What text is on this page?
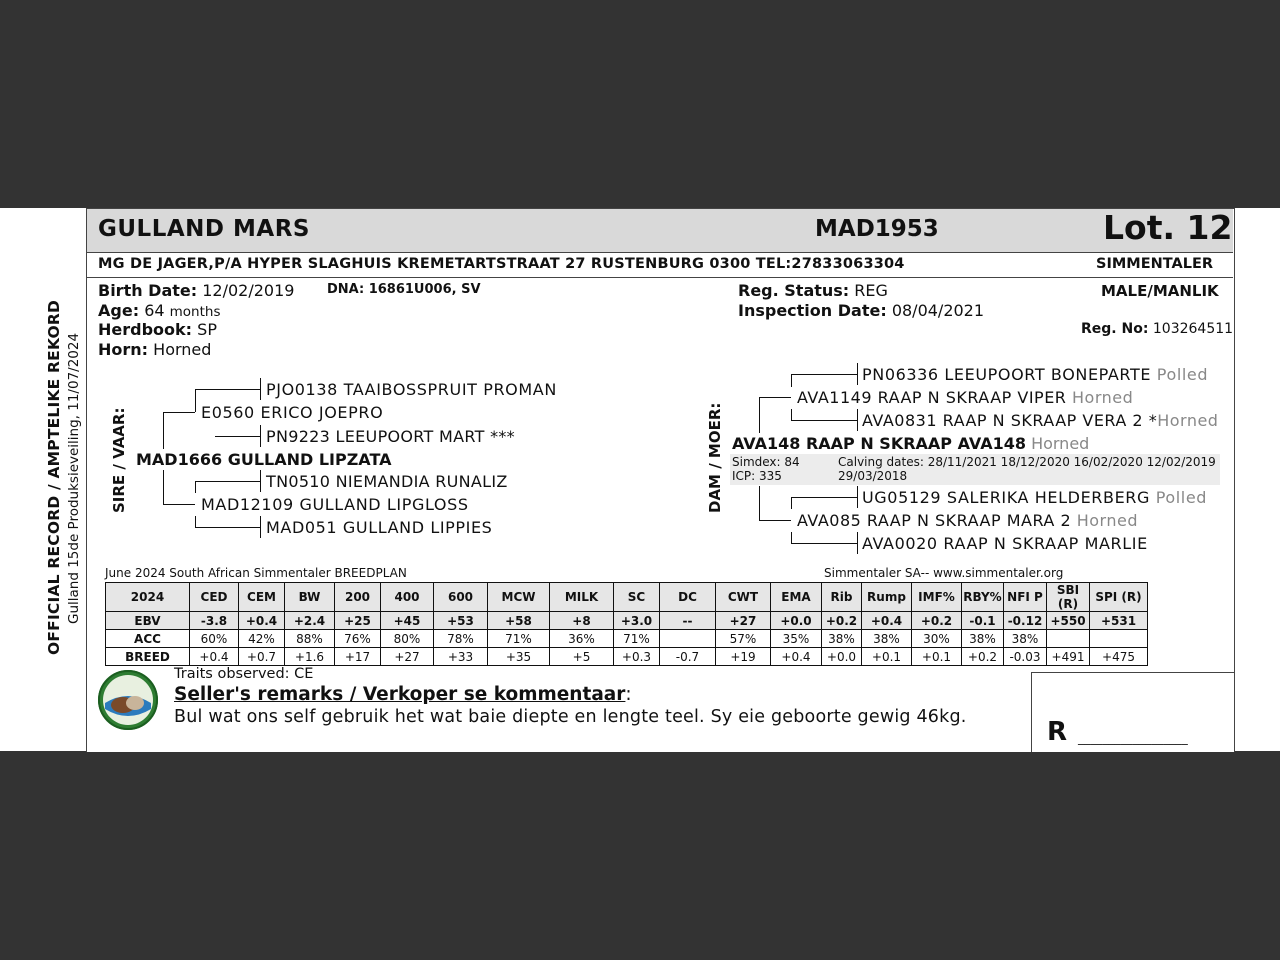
OFFICIAL RECORD / AMPTELIKE REKORD Gulland 15de Produksieveiling, 11/07/2024
GULLAND MARS	MAD1953	Lot. 12
MG DE JAGER,P/A HYPER SLAGHUIS KREMETARTSTRAAT 27 RUSTENBURG 0300 TEL:27833063304	SIMMENTALER
Birth Date: 12/02/2019	DNA: 16861U006, SV
Age: 64 months
Herdbook: SP
Horn: Horned
Reg. Status: REG
Inspection Date: 08/04/2021
MALE/MANLIK
Reg. No: 103264511
SIRE / VAAR:
PJO0138 TAAIBOSSPRUIT PROMAN
E0560 ERICO JOEPRO
PN9223 LEEUPOORT MART ***
MAD1666 GULLAND LIPZATA
TN0510 NIEMANDIA RUNALIZ
MAD12109 GULLAND LIPGLOSS
MAD051 GULLAND LIPPIES
DAM / MOER:
PN06336 LEEUPOORT BONEPARTE Polled
AVA1149 RAAP N SKRAAP VIPER Horned
AVA0831 RAAP N SKRAAP VERA 2 *Horned
AVA148 RAAP N SKRAAP AVA148 Horned
Simdex: 84
ICP: 335
Calving dates: 28/11/2021 18/12/2020 16/02/2020 12/02/2019
29/03/2018
UG05129 SALERIKA HELDERBERG Polled
AVA085 RAAP N SKRAAP MARA 2 Horned
AVA0020 RAAP N SKRAAP MARLIE
June 2024 South African Simmentaler BREEDPLAN	Simmentaler SA-- www.simmentaler.org
2024	CED	CEM	BW	200	400	600	MCW	MILK	SC	DC	CWT	EMA	Rib	Rump	IMF%	RBY%	NFI P	SBI (R)	SPI (R)
EBV	-3.8	+0.4	+2.4	+25	+45	+53	+58	+8	+3.0	--	+27	+0.0	+0.2	+0.4	+0.2	-0.1	-0.12	+550	+531
ACC	60%	42%	88%	76%	80%	78%	71%	36%	71%		57%	35%	38%	38%	30%	38%	38%		
BREED	+0.4	+0.7	+1.6	+17	+27	+33	+35	+5	+0.3	-0.7	+19	+0.4	+0.0	+0.1	+0.1	+0.2	-0.03	+491	+475
Traits observed: CE
Seller's remarks / Verkoper se kommentaar:
Bul wat ons self gebruik het wat baie diepte en lengte teel. Sy eie geboorte gewig 46kg.	R __________________
